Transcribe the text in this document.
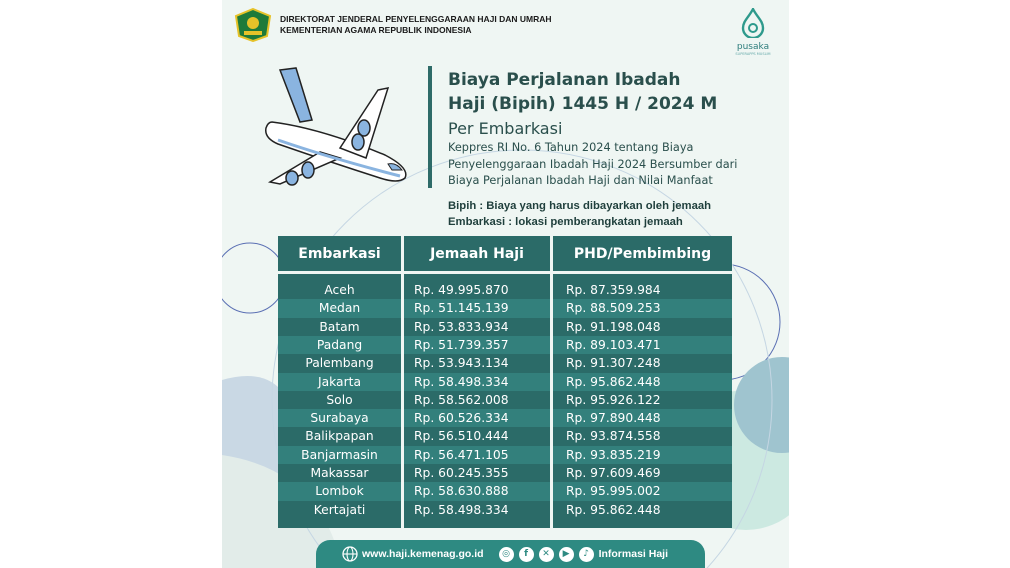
DIREKTORAT JENDERAL PENYELENGGARAAN HAJI DAN UMRAH
KEMENTERIAN AGAMA REPUBLIK INDONESIA
pusaka
SUPERAPPS MUSLIM
Biaya Perjalanan Ibadah
Haji (Bipih) 1445 H / 2024 M
Per Embarkasi
Keppres RI No. 6 Tahun 2024 tentang Biaya
Penyelenggaraan Ibadah Haji 2024 Bersumber dari
Biaya Perjalanan Ibadah Haji dan Nilai Manfaat
Bipih : Biaya yang harus dibayarkan oleh jemaah
Embarkasi : lokasi pemberangkatan jemaah
Embarkasi	Jemaah Haji	PHD/Pembimbing
Aceh	Rp. 49.995.870	Rp. 87.359.984
Medan	Rp. 51.145.139	Rp. 88.509.253
Batam	Rp. 53.833.934	Rp. 91.198.048
Padang	Rp. 51.739.357	Rp. 89.103.471
Palembang	Rp. 53.943.134	Rp. 91.307.248
Jakarta	Rp. 58.498.334	Rp. 95.862.448
Solo	Rp. 58.562.008	Rp. 95.926.122
Surabaya	Rp. 60.526.334	Rp. 97.890.448
Balikpapan	Rp. 56.510.444	Rp. 93.874.558
Banjarmasin	Rp. 56.471.105	Rp. 93.835.219
Makassar	Rp. 60.245.355	Rp. 97.609.469
Lombok	Rp. 58.630.888	Rp. 95.995.002
Kertajati	Rp. 58.498.334	Rp. 95.862.448
www.haji.kemenag.go.id	◎	f	✕	▶	♪ Informasi Haji
